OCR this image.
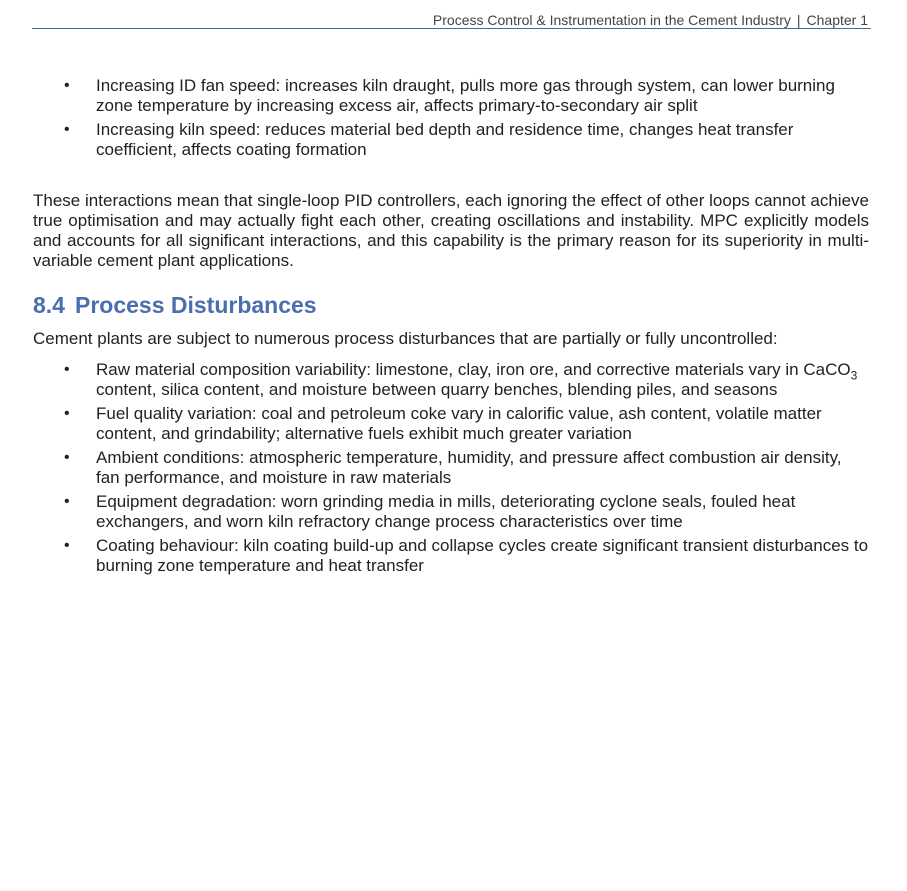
Process Control & Instrumentation in the Cement Industry | Chapter 1
• Increasing ID fan speed: increases kiln draught, pulls more gas through system, can lower burning zone temperature by increasing excess air, affects primary-to-secondary air split
• Increasing kiln speed: reduces material bed depth and residence time, changes heat transfer coefficient, affects coating formation

These interactions mean that single-loop PID controllers, each ignoring the effect of other loops cannot achieve true optimisation and may actually fight each other, creating oscillations and instability. MPC explicitly models and accounts for all significant interactions, and this capability is the primary reason for its superiority in multi-variable cement plant applications.

8.4 Process Disturbances

Cement plants are subject to numerous process disturbances that are partially or fully uncontrolled:

• Raw material composition variability: limestone, clay, iron ore, and corrective materials vary in CaCO$_3$ content, silica content, and moisture between quarry benches, blending piles, and seasons
• Fuel quality variation: coal and petroleum coke vary in calorific value, ash content, volatile matter content, and grindability; alternative fuels exhibit much greater variation
• Ambient conditions: atmospheric temperature, humidity, and pressure affect combustion air density, fan performance, and moisture in raw materials
• Equipment degradation: worn grinding media in mills, deteriorating cyclone seals, fouled heat exchangers, and worn kiln refractory change process characteristics over time
• Coating behaviour: kiln coating build-up and collapse cycles create significant transient disturbances to burning zone temperature and heat transfer
